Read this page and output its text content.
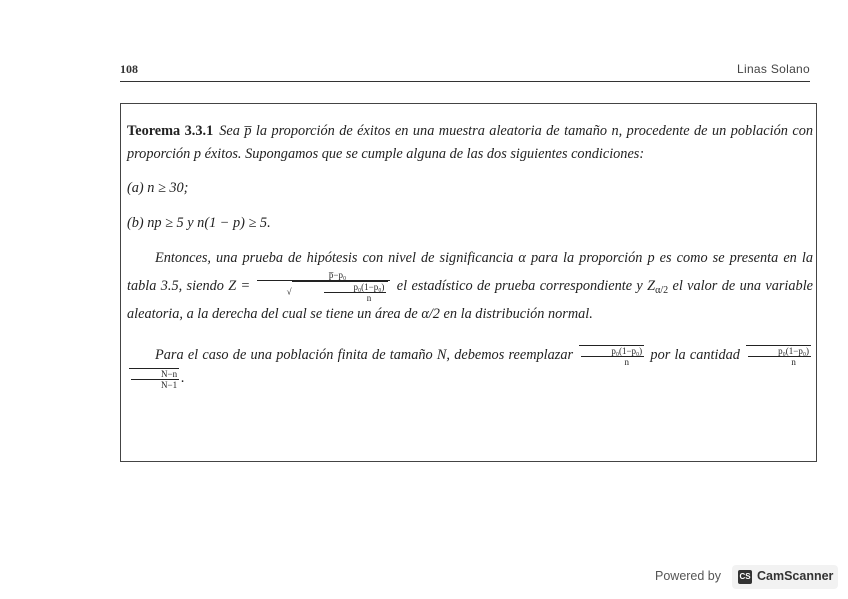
108	Linas Solano

Teorema 3.3.1 Sea p̅ la proporción de éxitos en una muestra aleatoria de tamaño n, procedente de un población con proporción p éxitos. Supongamos que se cumple alguna de las dos siguientes condiciones:

(a) n ≥ 30;

(b) np ≥ 5 y n(1 − p) ≥ 5.

Entonces, una prueba de hipótesis con nivel de significancia α para la proporción p es como se presenta en la tabla 3.5, siendo Z = p̅−p₀
√	$\frac{\text{p₀(1−p₀)}}{n}$ el estadístico de prueba correspondiente y $Z_{\alpha/2}$ el valor de una variable aleatoria, a la derecha del cual se tiene un área de α/2 en la distribución normal.

Para el caso de una población finita de tamaño N, debemos reemplazar $\frac{\text{p₀(1−p₀)}}{n}$ por la cantidad $\frac{\text{p₀(1−p₀)}}{n}$

$\frac{N-n}{N-1}$ .

Powered by CS CamScanner
